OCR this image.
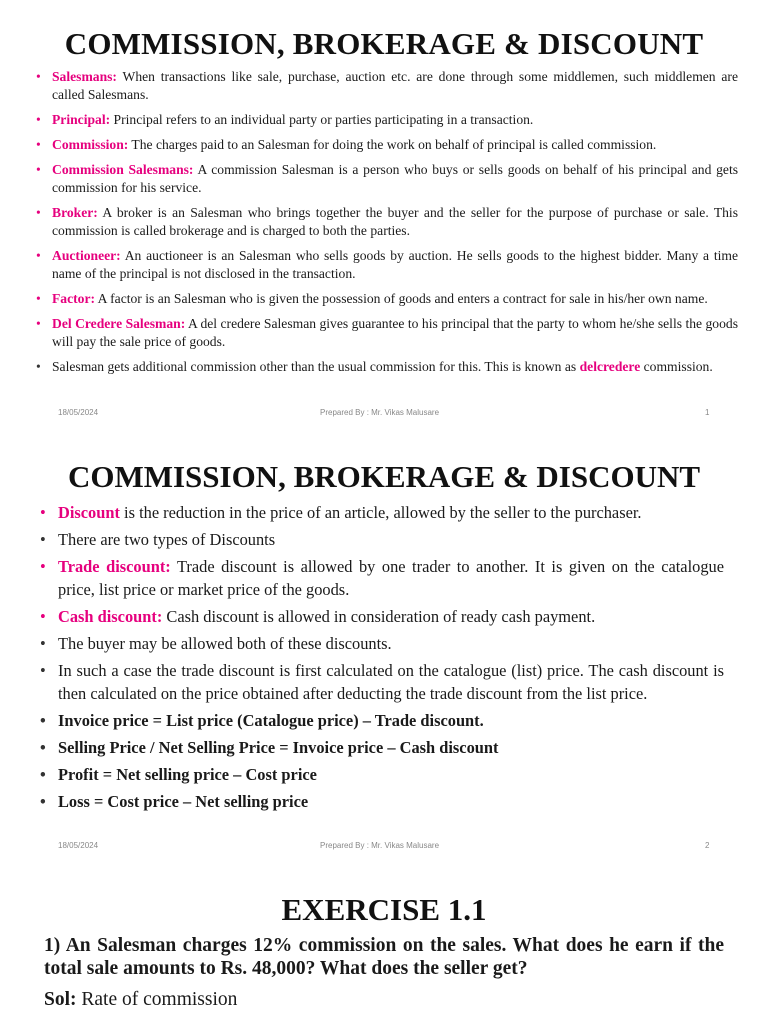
COMMISSION, BROKERAGE & DISCOUNT
• Salesmans: When transactions like sale, purchase, auction etc. are done through some middlemen, such middlemen are called Salesmans.
• Principal: Principal refers to an individual party or parties participating in a transaction.
• Commission: The charges paid to an Salesman for doing the work on behalf of principal is called commission.
• Commission Salesmans: A commission Salesman is a person who buys or sells goods on behalf of his principal and gets commission for his service.
• Broker: A broker is an Salesman who brings together the buyer and the seller for the purpose of purchase or sale. This commission is called brokerage and is charged to both the parties.
• Auctioneer: An auctioneer is an Salesman who sells goods by auction. He sells goods to the highest bidder. Many a time name of the principal is not disclosed in the transaction.
• Factor: A factor is an Salesman who is given the possession of goods and enters a contract for sale in his/her own name.
• Del Credere Salesman: A del credere Salesman gives guarantee to his principal that the party to whom he/she sells the goods will pay the sale price of goods.
• Salesman gets additional commission other than the usual commission for this. This is known as delcredere commission.
18/05/2024	Prepared By : Mr. Vikas Malusare	1
COMMISSION, BROKERAGE & DISCOUNT
• Discount is the reduction in the price of an article, allowed by the seller to the purchaser.
• There are two types of Discounts
• Trade discount: Trade discount is allowed by one trader to another. It is given on the catalogue price, list price or market price of the goods.
• Cash discount: Cash discount is allowed in consideration of ready cash payment.
• The buyer may be allowed both of these discounts.
• In such a case the trade discount is first calculated on the catalogue (list) price. The cash discount is then calculated on the price obtained after deducting the trade discount from the list price.
• Invoice price = List price (Catalogue price) – Trade discount.
• Selling Price / Net Selling Price = Invoice price – Cash discount
• Profit = Net selling price – Cost price
• Loss = Cost price – Net selling price
18/05/2024	Prepared By : Mr. Vikas Malusare	2
EXERCISE 1.1
1) An Salesman charges 12% commission on the sales. What does he earn if the total sale amounts to Rs. 48,000? What does the seller get?
Sol: Rate of commission
